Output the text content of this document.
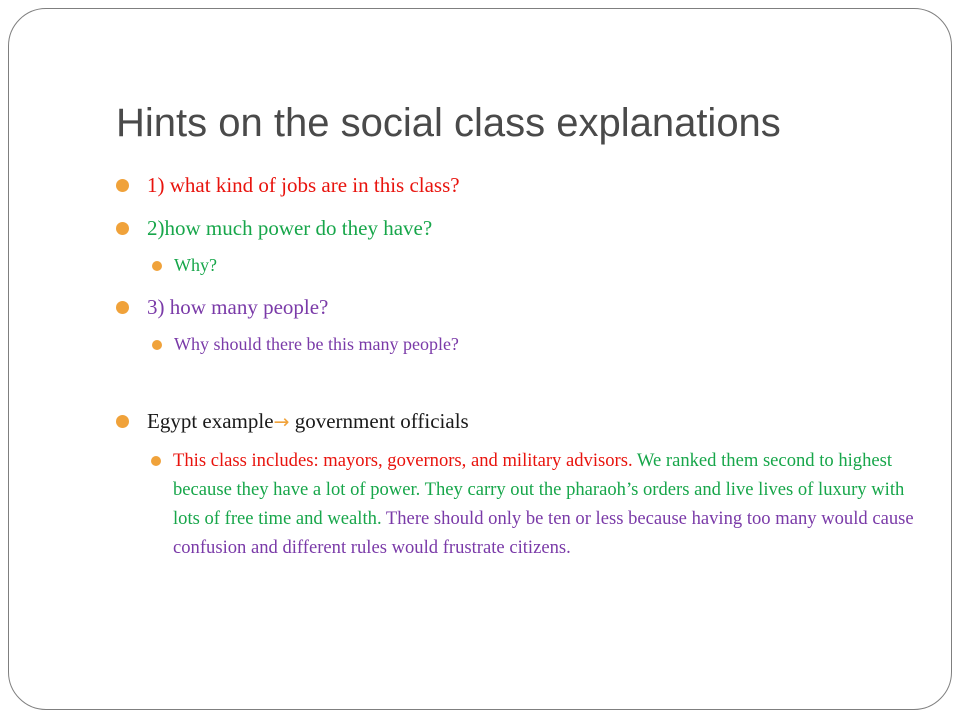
Hints on the social class explanations
1) what kind of jobs are in this class?
2)how much power do they have?
Why?
3) how many people?
Why should there be this many people?
Egypt example→ government officials
This class includes: mayors, governors, and military advisors. We ranked them second to highest because they have a lot of power. They carry out the pharaoh’s orders and live lives of luxury with lots of free time and wealth. There should only be ten or less because having too many would cause confusion and different rules would frustrate citizens.
